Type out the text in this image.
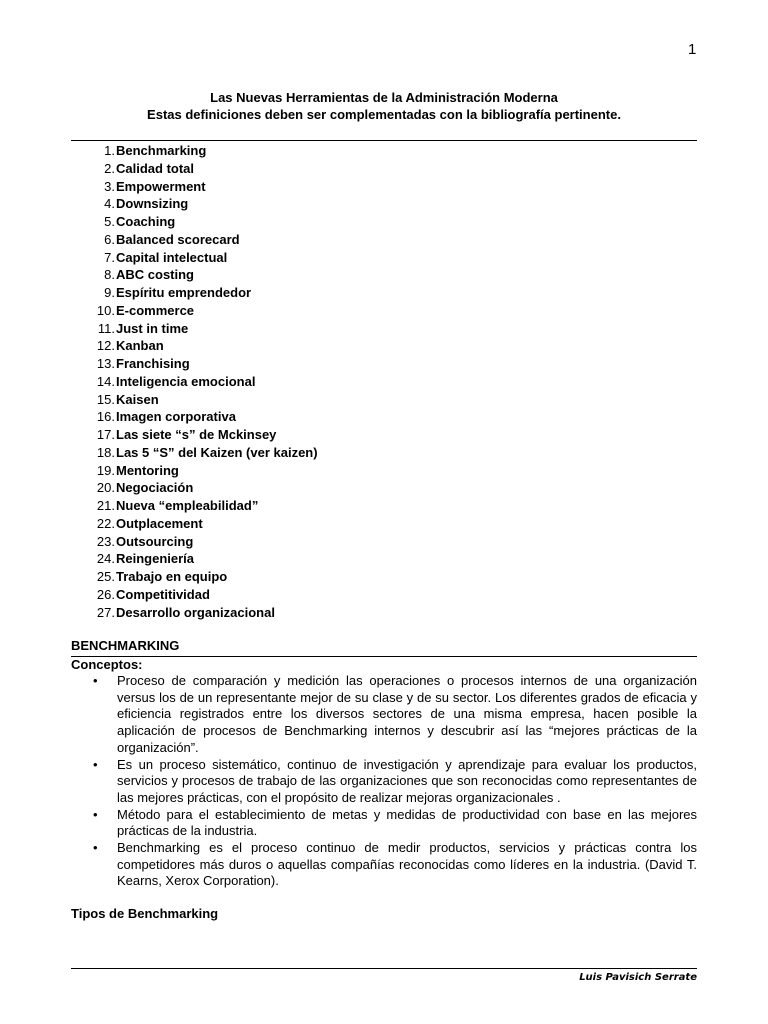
1
Las Nuevas Herramientas de la Administración Moderna
Estas definiciones deben ser complementadas con la bibliografía pertinente.
1.Benchmarking
2.Calidad total
3.Empowerment
4.Downsizing
5.Coaching
6.Balanced scorecard
7.Capital intelectual
8.ABC costing
9.Espíritu emprendedor
10.E-commerce
11.Just in time
12.Kanban
13.Franchising
14.Inteligencia emocional
15.Kaisen
16.Imagen corporativa
17.Las siete “s” de Mckinsey
18.Las 5 “S” del Kaizen (ver kaizen)
19.Mentoring
20.Negociación
21.Nueva “empleabilidad”
22.Outplacement
23.Outsourcing
24.Reingeniería
25.Trabajo en equipo
26.Competitividad
27.Desarrollo organizacional
BENCHMARKING
Conceptos:
• Proceso de comparación y medición las operaciones o procesos internos de una organización versus los de un representante mejor de su clase y de su sector. Los diferentes grados de eficacia y eficiencia registrados entre los diversos sectores de una misma empresa, hacen posible la aplicación de procesos de Benchmarking internos y descubrir así las “mejores prácticas de la organización”.
• Es un proceso sistemático, continuo de investigación y aprendizaje para evaluar los productos, servicios y procesos de trabajo de las organizaciones que son reconocidas como representantes de las mejores prácticas, con el propósito de realizar mejoras organizacionales .
• Método para el establecimiento de metas y medidas de productividad con base en las mejores prácticas de la industria.
• Benchmarking es el proceso continuo de medir productos, servicios y prácticas contra los competidores más duros o aquellas compañías reconocidas como líderes en la industria. (David T. Kearns, Xerox Corporation).
Tipos de Benchmarking
Luis Pavisich Serrate
